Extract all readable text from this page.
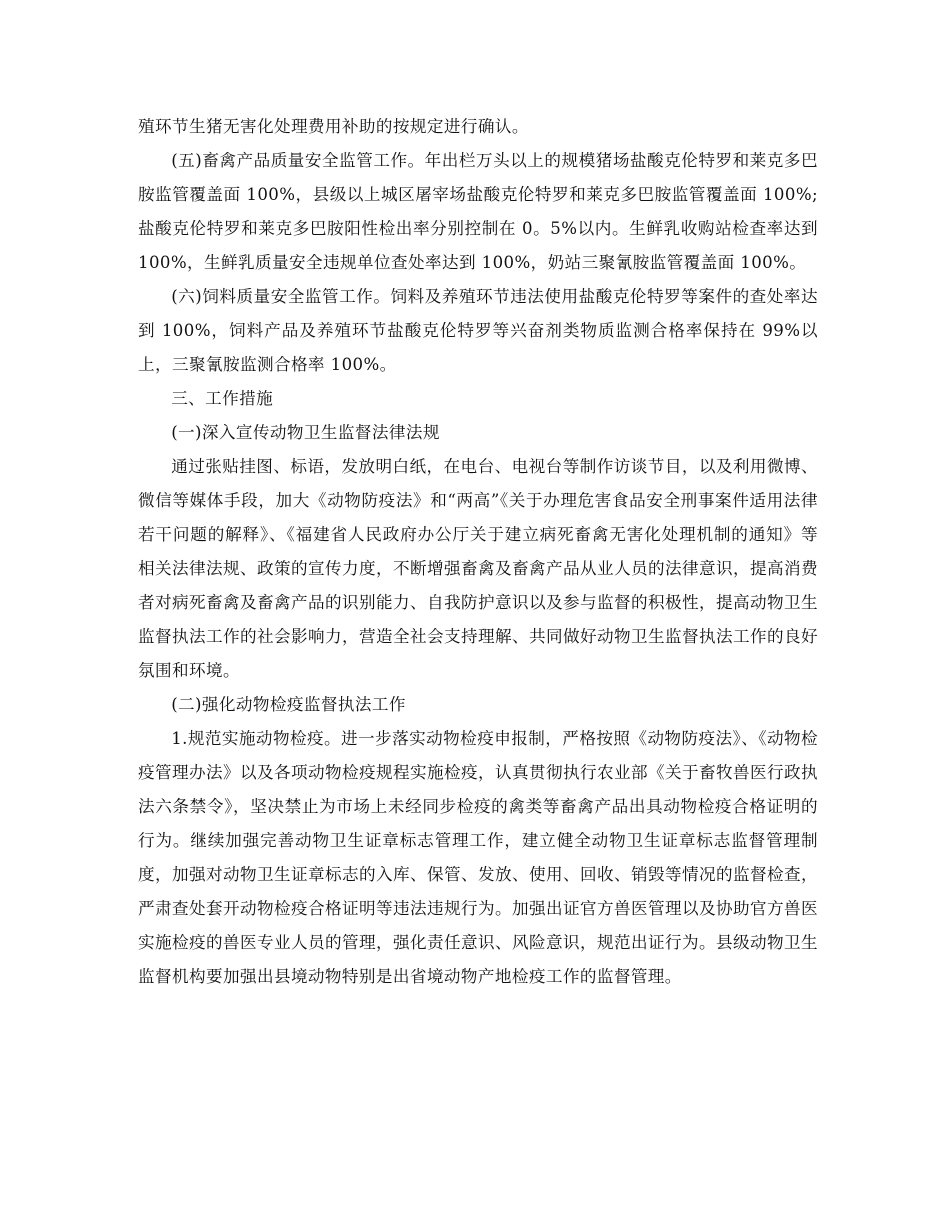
殖环节生猪无害化处理费用补助的按规定进行确认。

(五)畜禽产品质量安全监管工作。年出栏万头以上的规模猪场盐酸克伦特罗和莱克多巴胺监管覆盖面 100%，县级以上城区屠宰场盐酸克伦特罗和莱克多巴胺监管覆盖面 100%;盐酸克伦特罗和莱克多巴胺阳性检出率分别控制在 0。5%以内。生鲜乳收购站检查率达到 100%，生鲜乳质量安全违规单位查处率达到 100%，奶站三聚氰胺监管覆盖面 100%。

(六)饲料质量安全监管工作。饲料及养殖环节违法使用盐酸克伦特罗等案件的查处率达到 100%，饲料产品及养殖环节盐酸克伦特罗等兴奋剂类物质监测合格率保持在 99%以上，三聚氰胺监测合格率 100%。

三、工作措施

(一)深入宣传动物卫生监督法律法规

通过张贴挂图、标语，发放明白纸，在电台、电视台等制作访谈节目，以及利用微博、微信等媒体手段，加大《动物防疫法》和“两高”《关于办理危害食品安全刑事案件适用法律若干问题的解释》、《福建省人民政府办公厅关于建立病死畜禽无害化处理机制的通知》等相关法律法规、政策的宣传力度，不断增强畜禽及畜禽产品从业人员的法律意识，提高消费者对病死畜禽及畜禽产品的识别能力、自我防护意识以及参与监督的积极性，提高动物卫生监督执法工作的社会影响力，营造全社会支持理解、共同做好动物卫生监督执法工作的良好氛围和环境。

(二)强化动物检疫监督执法工作

1.规范实施动物检疫。进一步落实动物检疫申报制，严格按照《动物防疫法》、《动物检疫管理办法》以及各项动物检疫规程实施检疫，认真贯彻执行农业部《关于畜牧兽医行政执法六条禁令》，坚决禁止为市场上未经同步检疫的禽类等畜禽产品出具动物检疫合格证明的行为。继续加强完善动物卫生证章标志管理工作，建立健全动物卫生证章标志监督管理制度，加强对动物卫生证章标志的入库、保管、发放、使用、回收、销毁等情况的监督检查，严肃查处套开动物检疫合格证明等违法违规行为。加强出证官方兽医管理以及协助官方兽医实施检疫的兽医专业人员的管理，强化责任意识、风险意识，规范出证行为。县级动物卫生监督机构要加强出县境动物特别是出省境动物产地检疫工作的监督管理。
